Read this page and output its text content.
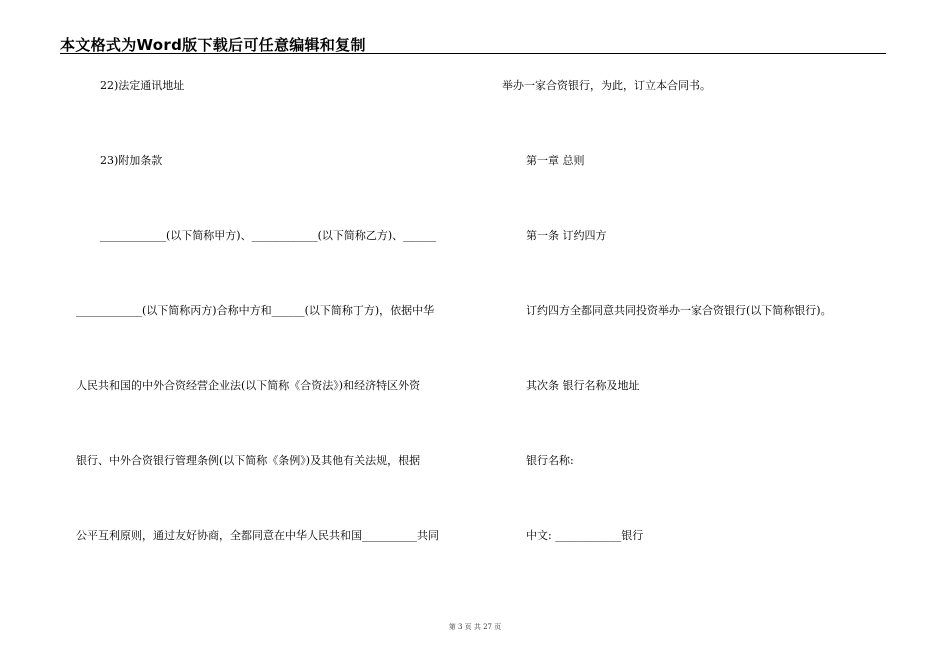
本文格式为Word版下载后可任意编辑和复制
22)法定通讯地址
23)附加条款
____________(以下简称甲方)、____________(以下简称乙方)、______
____________(以下简称丙方)合称中方和______(以下简称丁方)，依据中华
人民共和国的中外合资经营企业法(以下简称《合资法》)和经济特区外资
银行、中外合资银行管理条例(以下简称《条例》)及其他有关法规，根据
公平互利原则，通过友好协商，全都同意在中华人民共和国__________共同
举办一家合资银行，为此，订立本合同书。
第一章 总则
第一条 订约四方
订约四方全都同意共同投资举办一家合资银行(以下简称银行)。
其次条 银行名称及地址
银行名称:
中文: ____________银行
第 3 页 共 27 页
